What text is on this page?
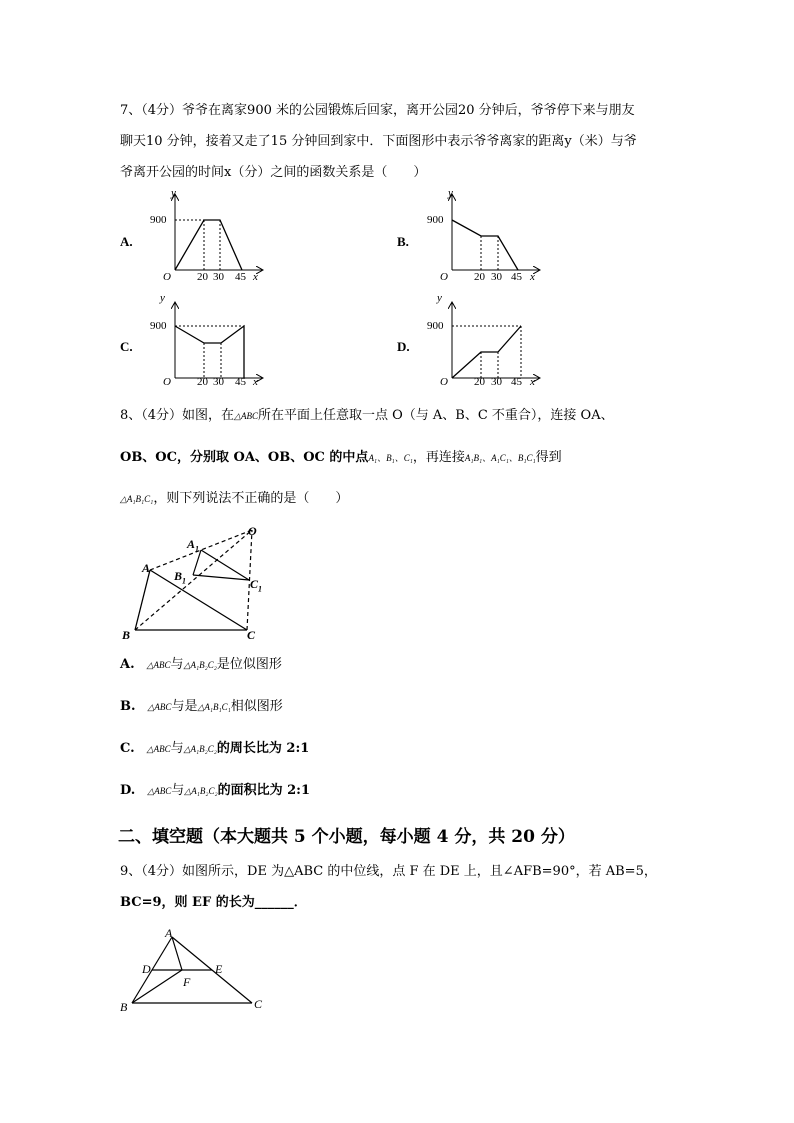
7、（4分）爷爷在离家900 米的公园锻炼后回家，离开公园20 分钟后，爷爷停下来与朋友
聊天10 分钟，接着又走了15 分钟回到家中．下面图形中表示爷爷离家的距离y（米）与爷
爷离开公园的时间x（分）之间的函数关系是（　　）
A.	B.
C.	D.
y
900
O 20 30 45 x
y
900
O 20 30 45 x
y
900
O 20 30 45 x
y
900
O 20 30 45 x
8、（4分）如图，在△ABC所在平面上任意取一点 O（与 A、B、C 不重合），连接 OA、
OB、OC，分别取 OA、OB、OC 的中点A₁、B₁、C₁，再连接A₁B₁、A₁C₁、B₁C₁得到
△A₁B₁C₁，则下列说法不正确的是（　　）
A
$A_1$
$B_1$	$C_1$
O
B	C
A. △ABC与△A₁B₂C₂是位似图形
B. △ABC与是△A₁B₁C₁相似图形
C. △ABC与△A₁B₂C₂的周长比为 2:1
D. △ABC与△A₁B₂C₂的面积比为 2:1
二、填空题（本大题共 5 个小题，每小题 4 分，共 20 分）
9、（4分）如图所示，DE 为△ABC 的中位线，点 F 在 DE 上，且∠AFB=90°，若 AB=5，
BC=9，则 EF 的长为______．
A
D	E
F
B	C
